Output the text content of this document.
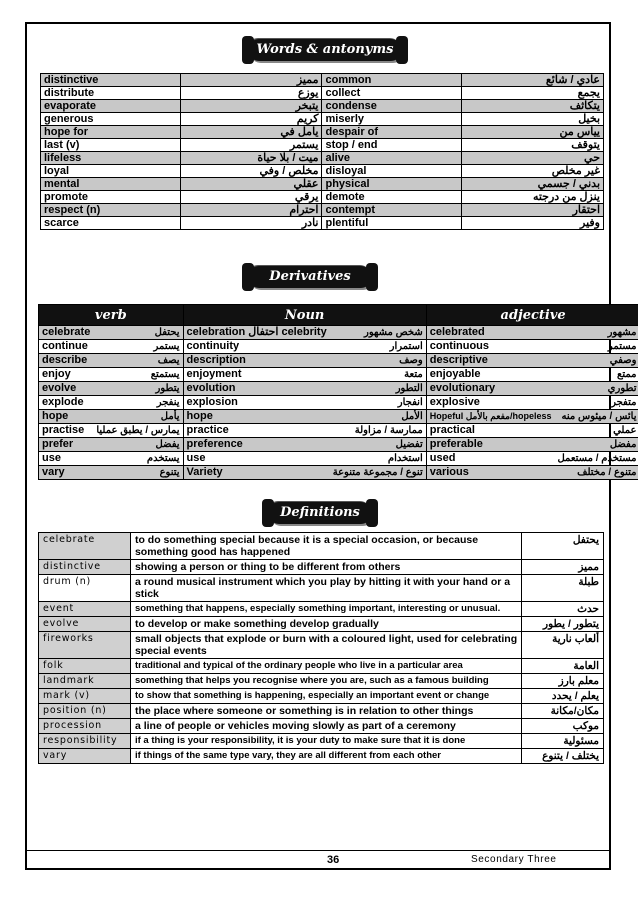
Words & antonyms
distinctive	مميز	common	عادي / شائع
distribute	يوزع	collect	يجمع
evaporate	يتبخر	condense	يتكاثف
generous	كريم	miserly	بخيل
hope for	يأمل في	despair of	ييأس من
last (v)	يستمر	stop / end	يتوقف
lifeless	ميت / بلا حياة	alive	حي
loyal	مخلص / وفي	disloyal	غير مخلص
mental	عقلي	physical	بدني / جسمي
promote	يرقي	demote	ينزل من درجته
respect (n)	احترام	contempt	احتقار
scarce	نادر	plentiful	وفير
Derivatives
verb		Noun		adjective	
celebrate	يحتفل	celebration احتفال celebrity	شخص مشهور	celebrated	مشهور
continue	يستمر	continuity	استمرار	continuous	مستمر
describe	يصف	description	وصف	descriptive	وصفي
enjoy	يستمتع	enjoyment	متعة	enjoyable	ممتع
evolve	يتطور	evolution	التطور	evolutionary	تطوري
explode	ينفجر	explosion	انفجار	explosive	متفجر
hope	يأمل	hope	الأمل	Hopeful مفعم بالأمل/hopeless	يائس / ميئوس منه
practise	يمارس / يطبق عمليا	practice	ممارسة / مزاولة	practical	عملي
prefer	يفضل	preference	تفضيل	preferable	مفضل
use	يستخدم	use	استخدام	used	مستخدم / مستعمل
vary	يتنوع	Variety	تنوع / مجموعة متنوعة	various	متنوع / مختلف
Definitions
celebrate	to do something special because it is a special occasion, or because something good has happened	يحتفل
distinctive	showing a person or thing to be different from others	مميز
drum (n)	a round musical instrument which you play by hitting it with your hand or a stick	طبلة
event	something that happens, especially something important, interesting or unusual.	حدث
evolve	to develop or make something develop gradually	يتطور / يطور
fireworks	small objects that explode or burn with a coloured light, used for celebrating special events	ألعاب نارية
folk	traditional and typical of the ordinary people who live in a particular area	العامة
landmark	something that helps you recognise where you are, such as a famous building	معلم بارز
mark (v)	to show that something is happening, especially an important event or change	يعلم / يحدد
position (n)	the place where someone or something is in relation to other things	مكان/مكانة
procession	a line of people or vehicles moving slowly as part of a ceremony	موكب
responsibility	if a thing is your responsibility, it is your duty to make sure that it is done	مسئولية
vary	if things of the same type vary, they are all different from each other	يختلف / يتنوع
36	Secondary Three
